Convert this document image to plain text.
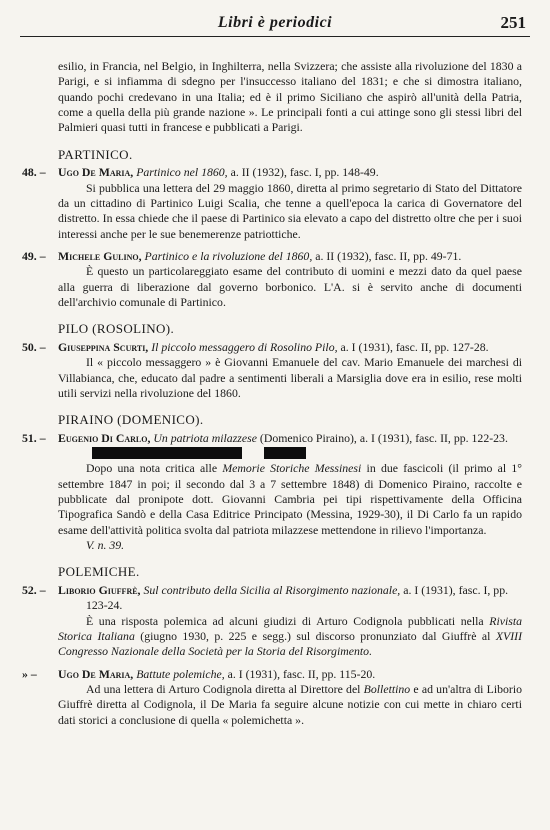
Libri è periodici	251

esilio, in Francia, nel Belgio, in Inghilterra, nella Svizzera; che assiste alla rivoluzione del 1830 a Parigi, e si infiamma di sdegno per l'insuccesso italiano del 1831; e che si dimostra italiano, quando pochi credevano in una Italia; ed è il primo Siciliano che aspirò all'unità della Patria, come a quella della più grande nazione ». Le principali fonti a cui attinge sono gli stessi libri del Palmieri quasi tutti in francese e pubblicati a Parigi.

PARTINICO.
48. – Ugo De Maria, Partinico nel 1860, a. II (1932), fasc. I, pp. 148-49.

Si pubblica una lettera del 29 maggio 1860, diretta al primo segretario di Stato del Dittatore da un cittadino di Partinico Luigi Scalia, che tenne a quell'epoca la carica di Governatore del distretto. In essa chiede che il paese di Partinico sia elevato a capo del distretto oltre che per i suoi interessi anche per le sue benemerenze patriottiche.

49. – Michele Gulino, Partinico e la rivoluzione del 1860, a. II (1932), fasc. II, pp. 49-71.

È questo un particolareggiato esame del contributo di uomini e mezzi dato da quel paese alla guerra di liberazione dal governo borbonico. L'A. si è servito anche di documenti dell'archivio comunale di Partinico.

PILO (ROSOLINO).
50. – Giuseppina Scurti, Il piccolo messaggero di Rosolino Pilo, a. I (1931), fasc. II, pp. 127-28.

Il « piccolo messaggero » è Giovanni Emanuele del cav. Mario Emanuele dei marchesi di Villabianca, che, educato dal padre a sentimenti liberali a Marsiglia dove era in esilio, rese molti utili servizi nella rivoluzione del 1860.

PIRAINO (DOMENICO).
51. – Eugenio Di Carlo, Un patriota milazzese (Domenico Piraino), a. I (1931), fasc. II, pp. 122-23.

Dopo una nota critica alle Memorie Storiche Messinesi in due fascicoli (il primo al 1° settembre 1847 in poi; il secondo dal 3 a 7 settembre 1848) di Domenico Piraino, raccolte e pubblicate dal pronipote dott. Giovanni Cambria pei tipi rispettivamente della Officina Tipografica Sandò e della Casa Editrice Principato (Messina, 1929-30), il Di Carlo fa un rapido esame dell'attività politica svolta dal patriota milazzese mettendone in rilievo l'importanza.

V. n. 39.

POLEMICHE.
52. – Liborio Giuffrè, Sul contributo della Sicilia al Risorgimento nazionale, a. I (1931), fasc. I, pp. 123-24.

È una risposta polemica ad alcuni giudizi di Arturo Codignola pubblicati nella Rivista Storica Italiana (giugno 1930, p. 225 e segg.) sul discorso pronunziato dal Giuffrè al XVIII Congresso Nazionale della Società per la Storia del Risorgimento.

» – Ugo De Maria, Battute polemiche, a. I (1931), fasc. II, pp. 115-20.

Ad una lettera di Arturo Codignola diretta al Direttore del Bollettino e ad un'altra di Liborio Giuffrè diretta al Codignola, il De Maria fa seguire alcune notizie con cui mette in chiaro certi dati storici a conclusione di quella « polemichetta ».
